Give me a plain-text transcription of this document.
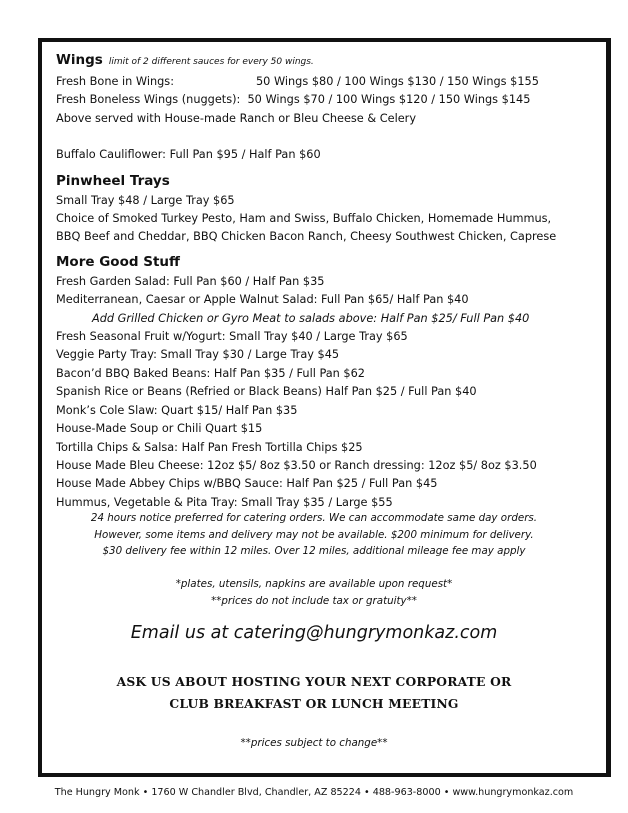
Wings limit of 2 different sauces for every 50 wings.
Fresh Bone in Wings:	50 Wings $80 / 100 Wings $130 / 150 Wings $155
Fresh Boneless Wings (nuggets): 50 Wings $70 / 100 Wings $120 / 150 Wings $145
Above served with House-made Ranch or Bleu Cheese & Celery
Buffalo Cauliflower: Full Pan $95 / Half Pan $60
Pinwheel Trays
Small Tray $48 / Large Tray $65
Choice of Smoked Turkey Pesto, Ham and Swiss, Buffalo Chicken, Homemade Hummus,
BBQ Beef and Cheddar, BBQ Chicken Bacon Ranch, Cheesy Southwest Chicken, Caprese
More Good Stuff
Fresh Garden Salad: Full Pan $60 / Half Pan $35
Mediterranean, Caesar or Apple Walnut Salad: Full Pan $65/ Half Pan $40
Add Grilled Chicken or Gyro Meat to salads above: Half Pan $25/ Full Pan $40
Fresh Seasonal Fruit w/Yogurt: Small Tray $40 / Large Tray $65
Veggie Party Tray: Small Tray $30 / Large Tray $45
Bacon’d BBQ Baked Beans: Half Pan $35 / Full Pan $62
Spanish Rice or Beans (Refried or Black Beans) Half Pan $25 / Full Pan $40
Monk’s Cole Slaw: Quart $15/ Half Pan $35
House-Made Soup or Chili Quart $15
Tortilla Chips & Salsa: Half Pan Fresh Tortilla Chips $25
House Made Bleu Cheese: 12oz $5/ 8oz $3.50 or Ranch dressing: 12oz $5/ 8oz $3.50
House Made Abbey Chips w/BBQ Sauce: Half Pan $25 / Full Pan $45
Hummus, Vegetable & Pita Tray: Small Tray $35 / Large $55
24 hours notice preferred for catering orders. We can accommodate same day orders.
However, some items and delivery may not be available. $200 minimum for delivery.
$30 delivery fee within 12 miles. Over 12 miles, additional mileage fee may apply
*plates, utensils, napkins are available upon request*
**prices do not include tax or gratuity**
Email us at catering@hungrymonkaz.com
ASK US ABOUT HOSTING YOUR NEXT CORPORATE OR
CLUB BREAKFAST OR LUNCH MEETING
**prices subject to change**
The Hungry Monk • 1760 W Chandler Blvd, Chandler, AZ 85224 • 488-963-8000 • www.hungrymonkaz.com
